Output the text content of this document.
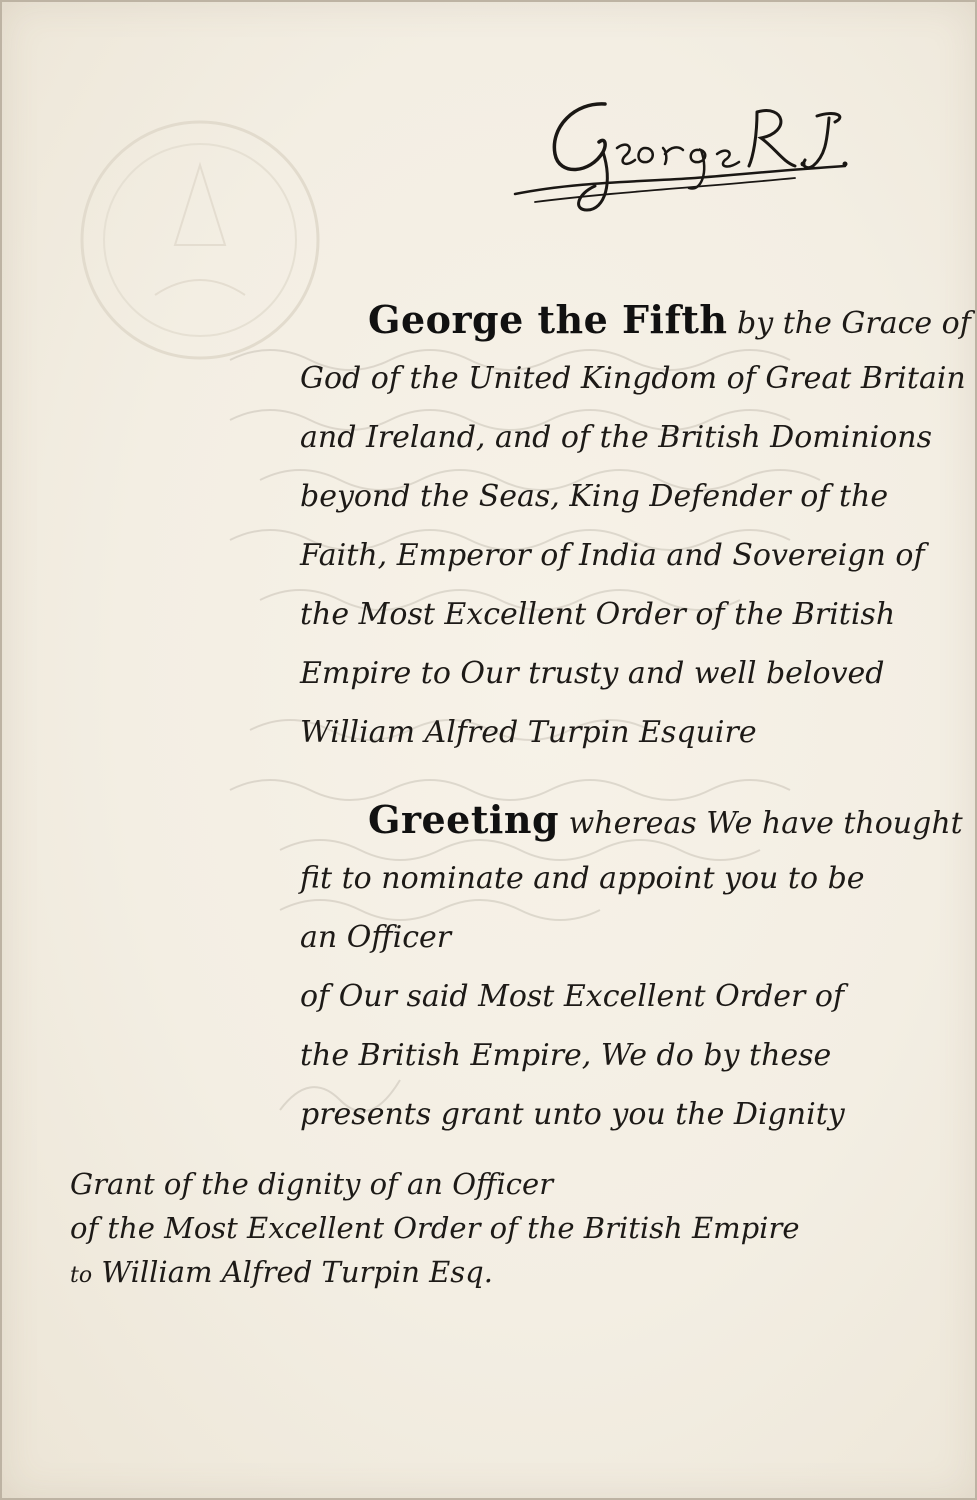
George the Fifth by the Grace of
God of the United Kingdom of Great Britain
and Ireland, and of the British Dominions
beyond the Seas, King Defender of the
Faith, Emperor of India and Sovereign of
the Most Excellent Order of the British
Empire to Our trusty and well beloved
William Alfred Turpin Esquire
Greeting whereas We have thought
fit to nominate and appoint you to be
an Officer
of Our said Most Excellent Order of
the British Empire, We do by these
presents grant unto you the Dignity
Grant of the dignity of an Officer
of the Most Excellent Order of the British Empire
to William Alfred Turpin Esq.
